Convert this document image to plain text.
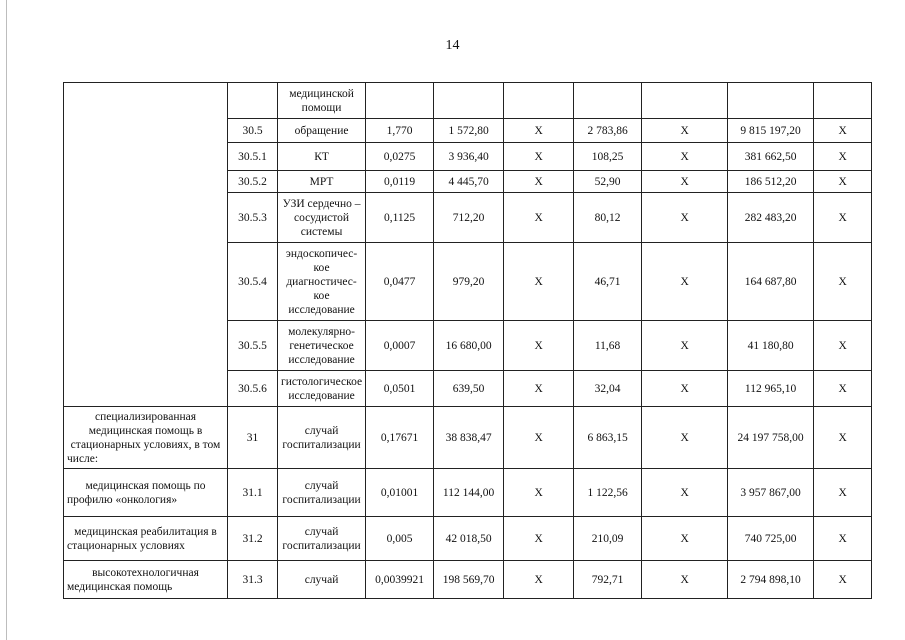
14
		медицинской помощи							
	30.5	обращение	1,770	1 572,80	X	2 783,86	X	9 815 197,20	X
	30.5.1	КТ	0,0275	3 936,40	X	108,25	X	381 662,50	X
	30.5.2	МРТ	0,0119	4 445,70	X	52,90	X	186 512,20	X
	30.5.3	УЗИ сердечно – сосудистой системы	0,1125	712,20	X	80,12	X	282 483,20	X
	30.5.4	эндоскопичес-кое диагностичес-кое исследование	0,0477	979,20	X	46,71	X	164 687,80	X
	30.5.5	молекулярно-генетическое исследование	0,0007	16 680,00	X	11,68	X	41 180,80	X
	30.5.6	гистологическое исследование	0,0501	639,50	X	32,04	X	112 965,10	X
специализированная медицинская помощь в стационарных условиях, в том числе:	31	случай госпитализации	0,17671	38 838,47	X	6 863,15	X	24 197 758,00	X
медицинская помощь по профилю «онкология»	31.1	случай госпитализации	0,01001	112 144,00	X	1 122,56	X	3 957 867,00	X
медицинская реабилитация в стационарных условиях	31.2	случай госпитализации	0,005	42 018,50	X	210,09	X	740 725,00	X
высокотехнологичная медицинская помощь	31.3	случай	0,0039921	198 569,70	X	792,71	X	2 794 898,10	X
